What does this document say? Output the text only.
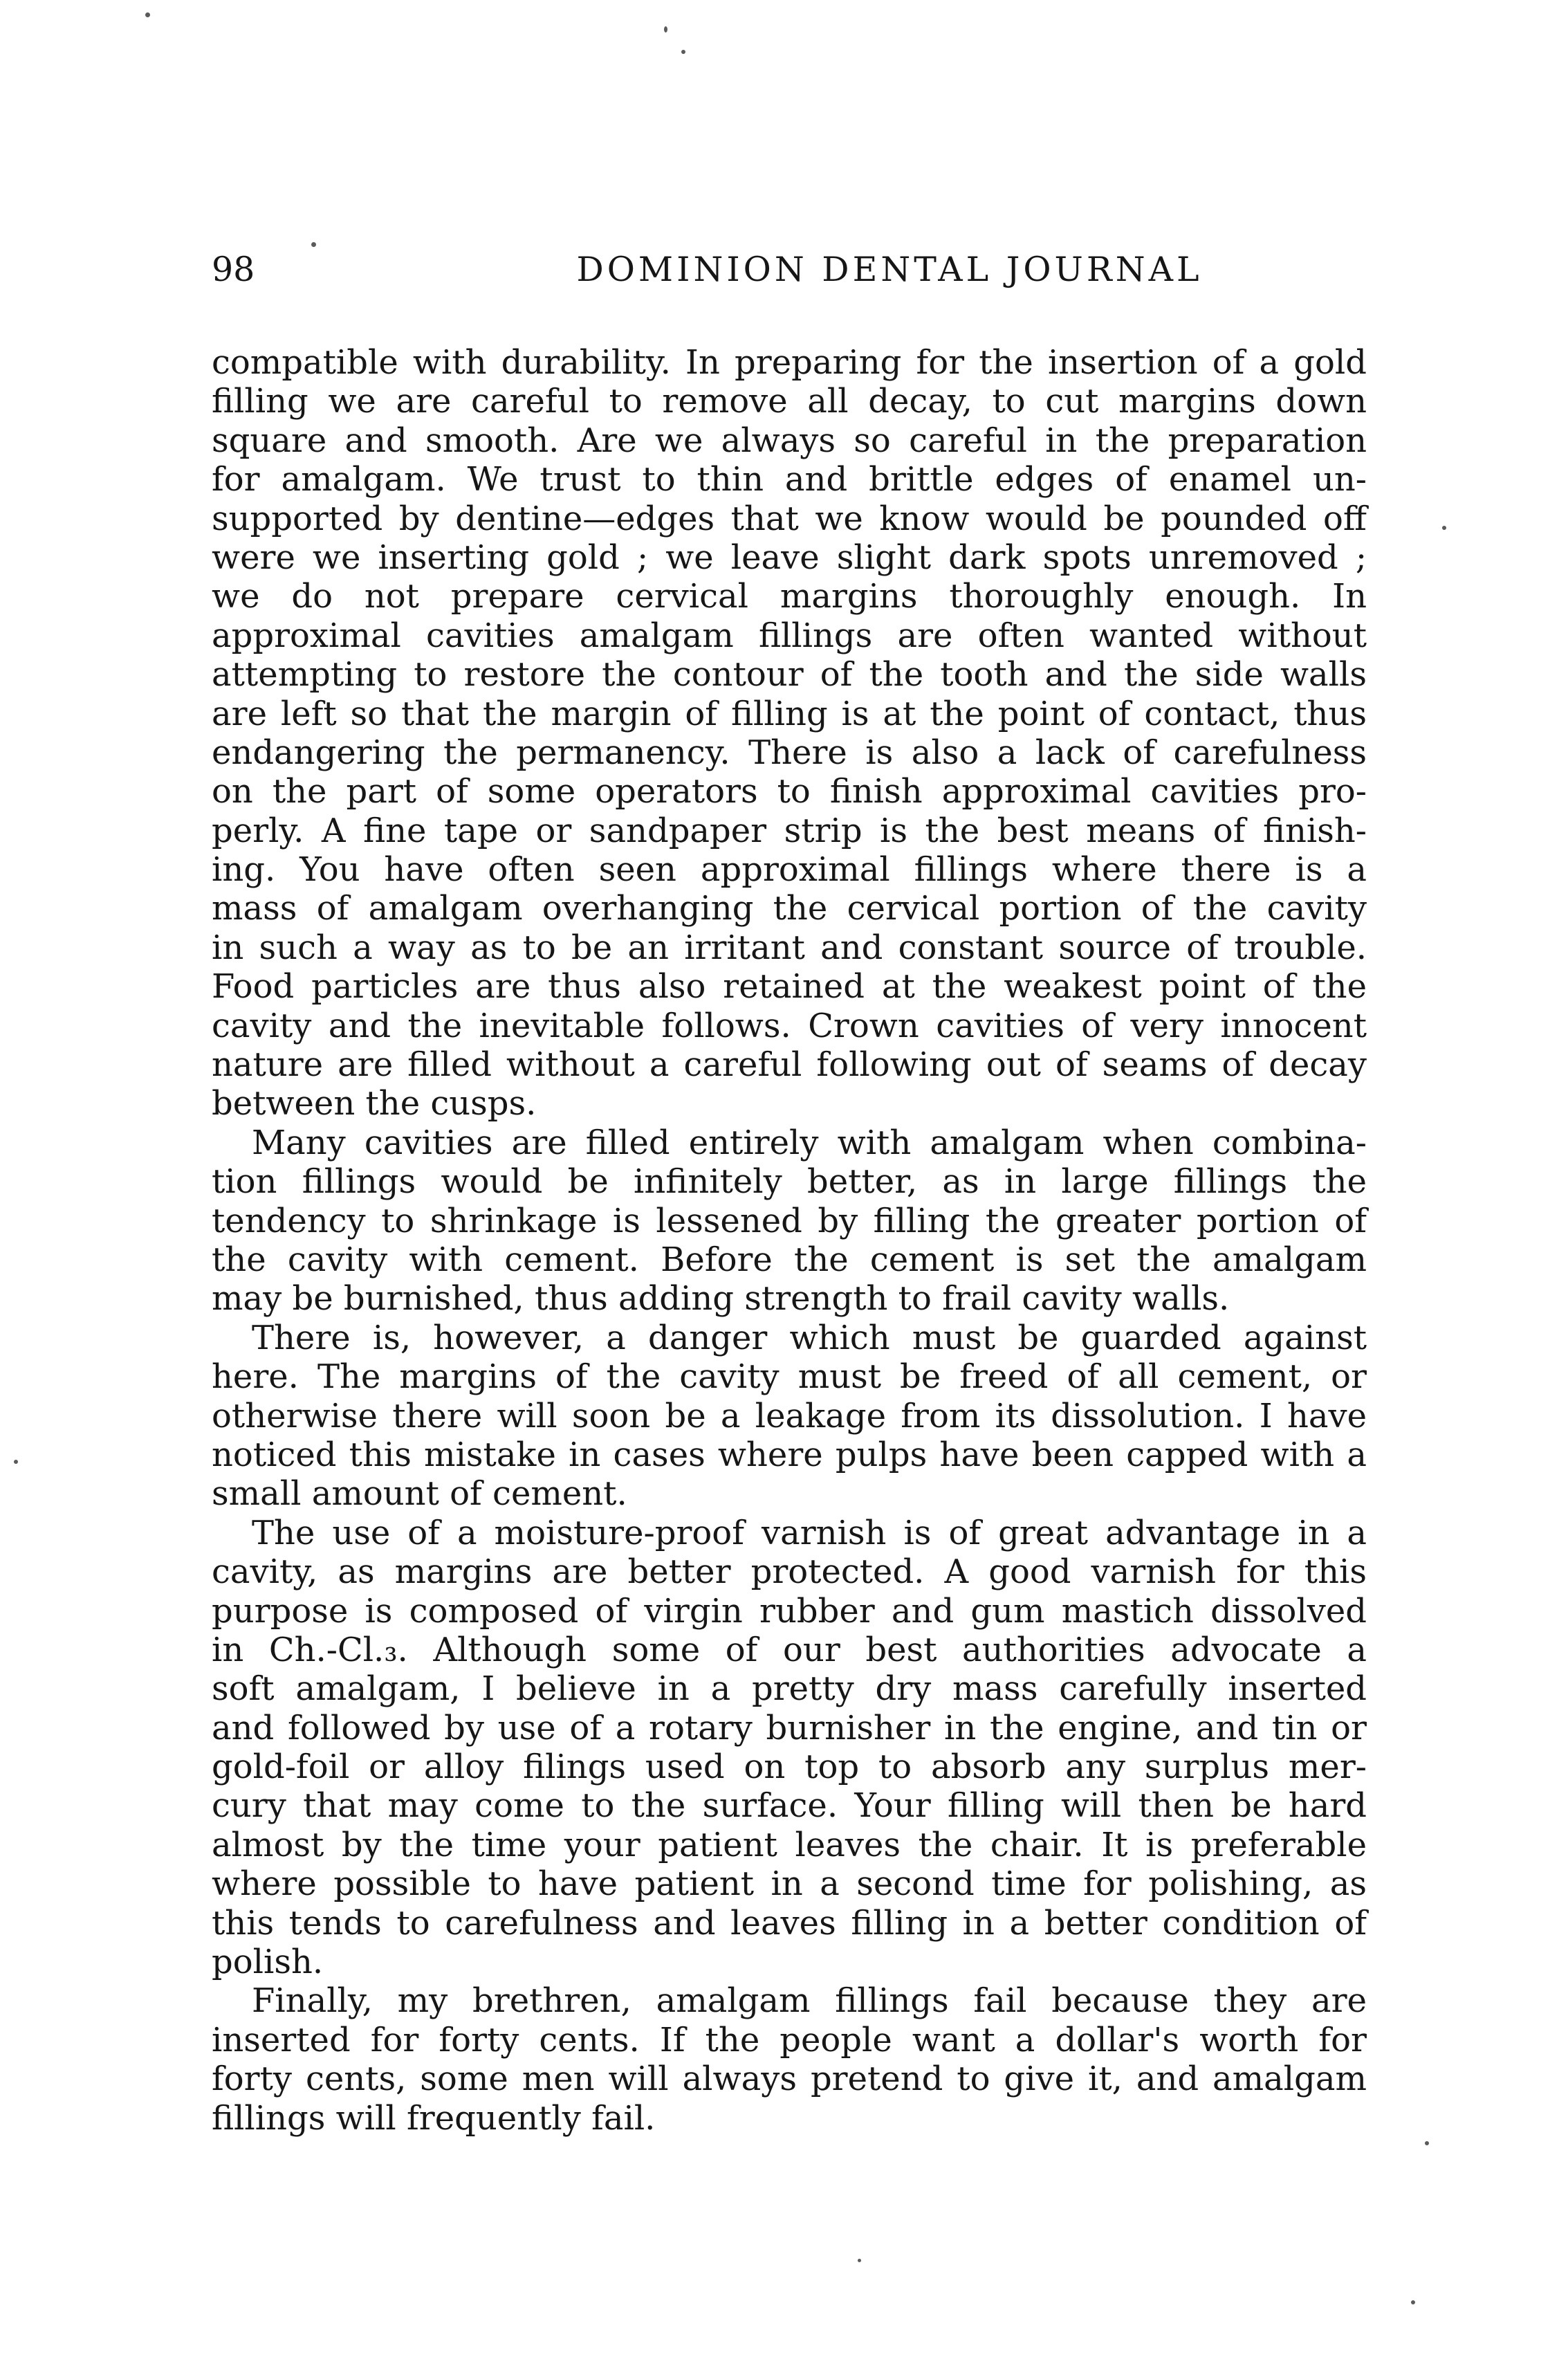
98	DOMINION DENTAL JOURNAL
compatible with durability. In preparing for the insertion of a gold
filling we are careful to remove all decay, to cut margins down
square and smooth. Are we always so careful in the preparation
for amalgam. We trust to thin and brittle edges of enamel un-
supported by dentine—edges that we know would be pounded off
were we inserting gold ; we leave slight dark spots unremoved ;
we do not prepare cervical margins thoroughly enough. In
approximal cavities amalgam fillings are often wanted without
attempting to restore the contour of the tooth and the side walls
are left so that the margin of filling is at the point of contact, thus
endangering the permanency. There is also a lack of carefulness
on the part of some operators to finish approximal cavities pro-
perly. A fine tape or sandpaper strip is the best means of finish-
ing. You have often seen approximal fillings where there is a
mass of amalgam overhanging the cervical portion of the cavity
in such a way as to be an irritant and constant source of trouble.
Food particles are thus also retained at the weakest point of the
cavity and the inevitable follows. Crown cavities of very innocent
nature are filled without a careful following out of seams of decay
between the cusps.
Many cavities are filled entirely with amalgam when combina-
tion fillings would be infinitely better, as in large fillings the
tendency to shrinkage is lessened by filling the greater portion of
the cavity with cement. Before the cement is set the amalgam
may be burnished, thus adding strength to frail cavity walls.
There is, however, a danger which must be guarded against
here. The margins of the cavity must be freed of all cement, or
otherwise there will soon be a leakage from its dissolution. I have
noticed this mistake in cases where pulps have been capped with a
small amount of cement.
The use of a moisture-proof varnish is of great advantage in a
cavity, as margins are better protected. A good varnish for this
purpose is composed of virgin rubber and gum mastich dissolved
in Ch.-Cl.₃. Although some of our best authorities advocate a
soft amalgam, I believe in a pretty dry mass carefully inserted
and followed by use of a rotary burnisher in the engine, and tin or
gold-foil or alloy filings used on top to absorb any surplus mer-
cury that may come to the surface. Your filling will then be hard
almost by the time your patient leaves the chair. It is preferable
where possible to have patient in a second time for polishing, as
this tends to carefulness and leaves filling in a better condition of
polish.
Finally, my brethren, amalgam fillings fail because they are
inserted for forty cents. If the people want a dollar's worth for
forty cents, some men will always pretend to give it, and amalgam
fillings will frequently fail.
